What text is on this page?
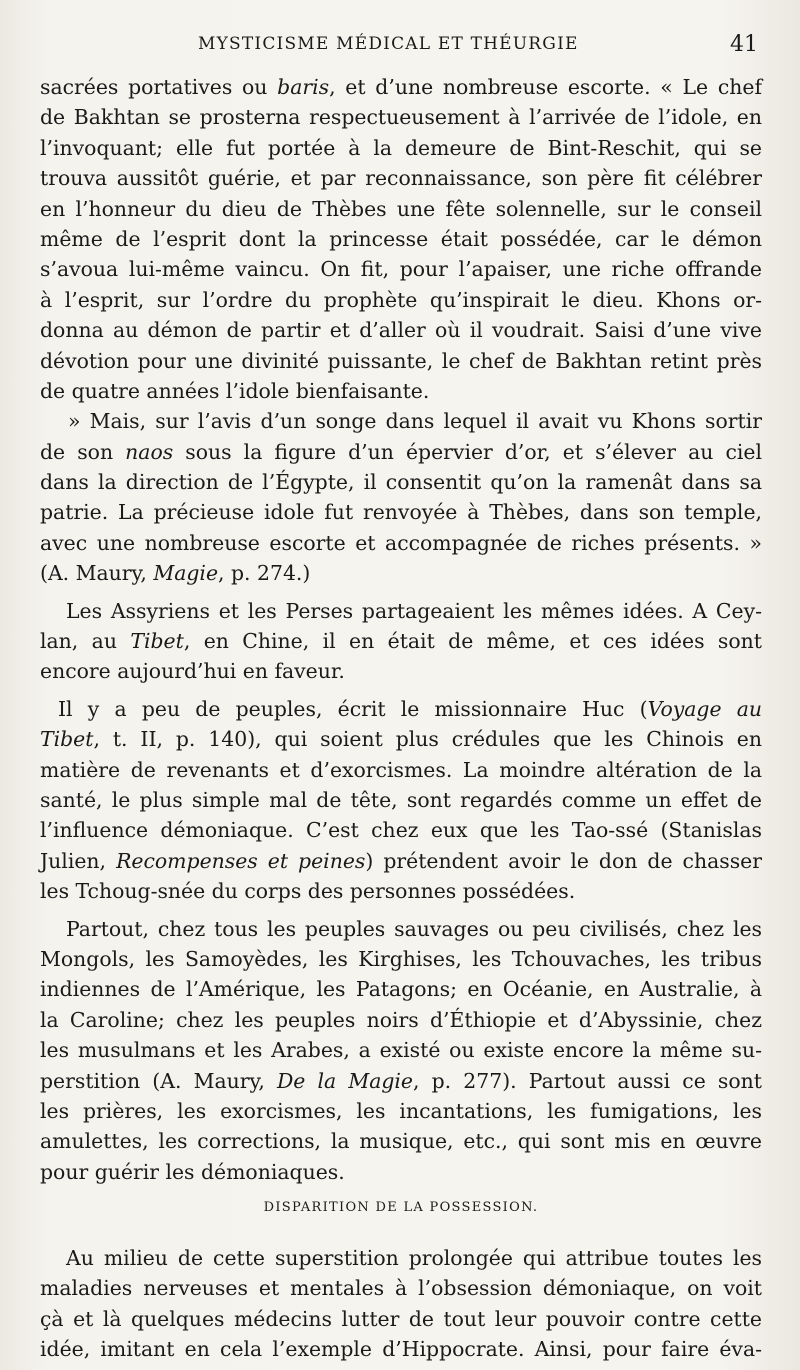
MYSTICISME MÉDICAL ET THÉURGIE	41
sacrées portatives ou baris, et d’une nombreuse escorte. « Le chef
de Bakhtan se prosterna respectueusement à l’arrivée de l’idole, en
l’invoquant; elle fut portée à la demeure de Bint-Reschit, qui se
trouva aussitôt guérie, et par reconnaissance, son père fit célébrer
en l’honneur du dieu de Thèbes une fête solennelle, sur le conseil
même de l’esprit dont la princesse était possédée, car le démon
s’avoua lui-même vaincu. On fit, pour l’apaiser, une riche offrande
à l’esprit, sur l’ordre du prophète qu’inspirait le dieu. Khons or-
donna au démon de partir et d’aller où il voudrait. Saisi d’une vive
dévotion pour une divinité puissante, le chef de Bakhtan retint près
de quatre années l’idole bienfaisante.
» Mais, sur l’avis d’un songe dans lequel il avait vu Khons sortir
de son naos sous la figure d’un épervier d’or, et s’élever au ciel
dans la direction de l’Égypte, il consentit qu’on la ramenât dans sa
patrie. La précieuse idole fut renvoyée à Thèbes, dans son temple,
avec une nombreuse escorte et accompagnée de riches présents. »
(A. Maury, Magie, p. 274.)
Les Assyriens et les Perses partageaient les mêmes idées. A Cey-
lan, au Tibet, en Chine, il en était de même, et ces idées sont
encore aujourd’hui en faveur.
Il y a peu de peuples, écrit le missionnaire Huc (Voyage au
Tibet, t. II, p. 140), qui soient plus crédules que les Chinois en
matière de revenants et d’exorcismes. La moindre altération de la
santé, le plus simple mal de tête, sont regardés comme un effet de
l’influence démoniaque. C’est chez eux que les Tao-ssé (Stanislas
Julien, Recompenses et peines) prétendent avoir le don de chasser
les Tchoug-snée du corps des personnes possédées.
Partout, chez tous les peuples sauvages ou peu civilisés, chez les
Mongols, les Samoyèdes, les Kirghises, les Tchouvaches, les tribus
indiennes de l’Amérique, les Patagons; en Océanie, en Australie, à
la Caroline; chez les peuples noirs d’Éthiopie et d’Abyssinie, chez
les musulmans et les Arabes, a existé ou existe encore la même su-
perstition (A. Maury, De la Magie, p. 277). Partout aussi ce sont
les prières, les exorcismes, les incantations, les fumigations, les
amulettes, les corrections, la musique, etc., qui sont mis en œuvre
pour guérir les démoniaques.
DISPARITION DE LA POSSESSION.
Au milieu de cette superstition prolongée qui attribue toutes les
maladies nerveuses et mentales à l’obsession démoniaque, on voit
çà et là quelques médecins lutter de tout leur pouvoir contre cette
idée, imitant en cela l’exemple d’Hippocrate. Ainsi, pour faire éva-
